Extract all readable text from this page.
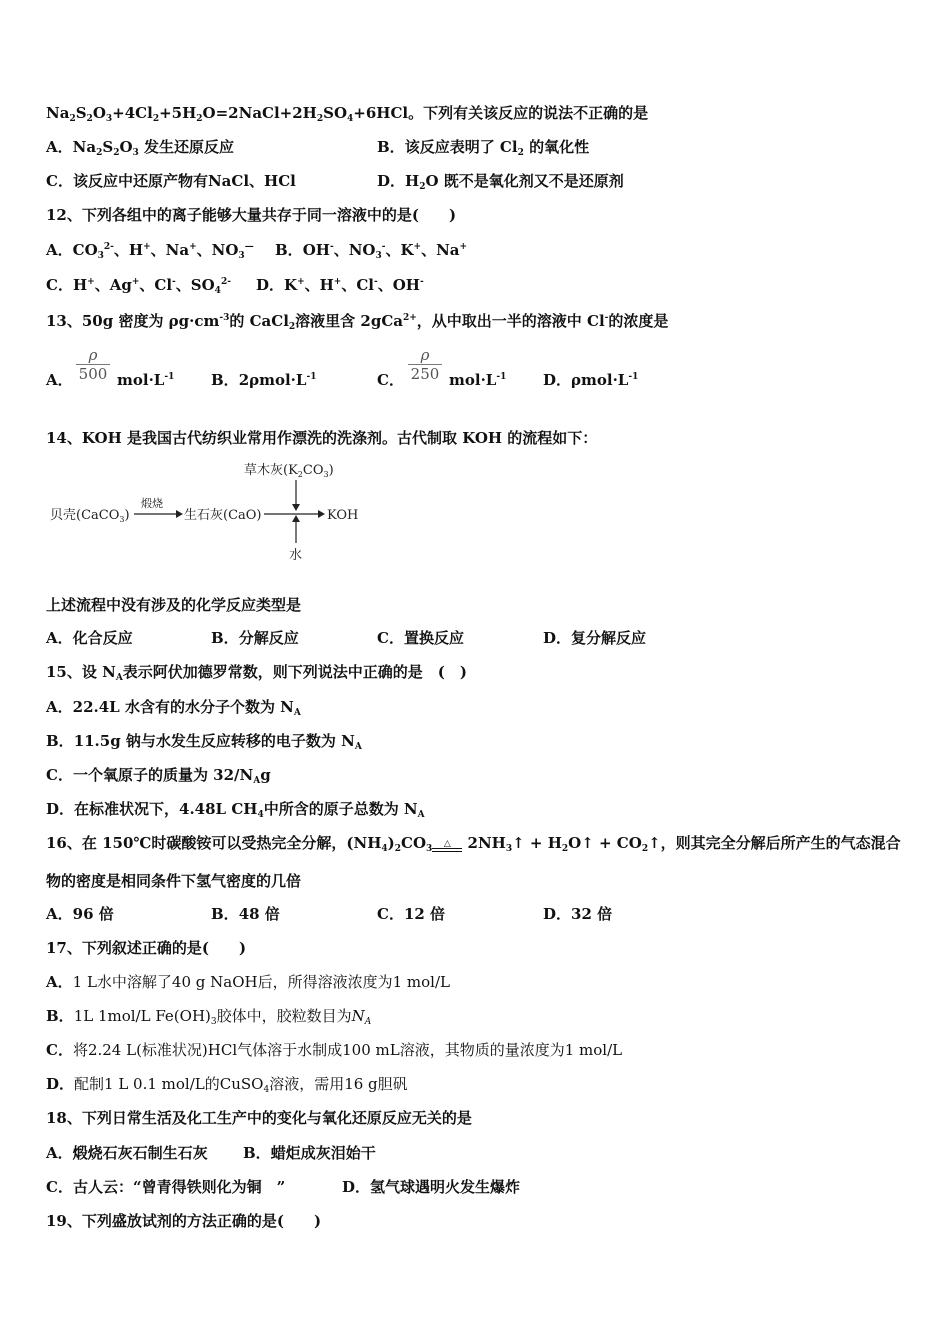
$Na_2S_2O_3+4Cl_2+5H_2O=2NaCl+2H_2SO_4+6HCl$。下列有关该反应的说法不正确的是
A．$Na_2S_2O_3$ 发生还原反应	B．该反应表明了 $Cl_2$ 的氧化性
C．该反应中还原产物有NaCl、HCl	D．$H_2O$ 既不是氧化剂又不是还原剂
12、下列各组中的离子能够大量共存于同一溶液中的是(　　)
A．$CO_3^{2-}$、H+、Na+、$NO_3^—$ B．OH-、$NO_3^-$、K+、Na+
C．H+、Ag+、Cl-、$SO_4^{2-}$ D．K+、H+、Cl-、OH-
13、50g 密度为 $\rho g\cdot cm^{-3}$的 CaCl$_2$溶液里含 2gCa$^{2+}$，从中取出一半的溶液中 Cl-的浓度是
A．
ρ
500 $mol\cdot L^{-1}$ B．$2\rho mol\cdot L^{-1}$	C．
ρ
250 $mol\cdot L^{-1}$ D．$\rho mol\cdot L^{-1}$
14、KOH 是我国古代纺织业常用作漂洗的洗涤剂。古代制取 KOH 的流程如下：
草木灰$(K_2CO_3)$
贝壳(CaCO$_3$)
煅烧
生石灰(CaO)	KOH
水
上述流程中没有涉及的化学反应类型是
A．化合反应	B．分解反应	C．置换反应	D．复分解反应
15、设 $N_A$表示阿伏加德罗常数，则下列说法中正确的是　(　)
A．22.4L 水含有的水分子个数为 $N_A$
B．11.5g 钠与水发生反应转移的电子数为 $N_A$
C．一个氧原子的质量为 $32/N_Ag$
D．在标准状况下，4.48L $CH_4$中所含的原子总数为 $N_A$
16、在 150℃时碳酸铵可以受热完全分解，$(NH_4)_2CO_3$ △ $2NH_3↑$ + $H_2O↑$ + $CO_2↑$，则其完全分解后所产生的气态混合
物的密度是相同条件下氢气密度的几倍
A．96 倍	B．48 倍	C．12 倍	D．32 倍
17、下列叙述正确的是(　　)
A．1 L水中溶解了40 g NaOH后，所得溶液浓度为1 mol/L
B．1L 1mol/L $Fe(OH)_3$胶体中，胶粒数目为$N_A$
C．将2.24 L(标准状况)HCl气体溶于水制成100 mL溶液，其物质的量浓度为1 mol/L
D．配制1 L 0.1 mol/L的CuSO$_4$溶液，需用16 g胆矾
18、下列日常生活及化工生产中的变化与氧化还原反应无关的是
A．煅烧石灰石制生石灰 B．蜡炬成灰泪始干
C．古人云：“曾青得铁则化为铜　”	D．氢气球遇明火发生爆炸
19、下列盛放试剂的方法正确的是(　　)
